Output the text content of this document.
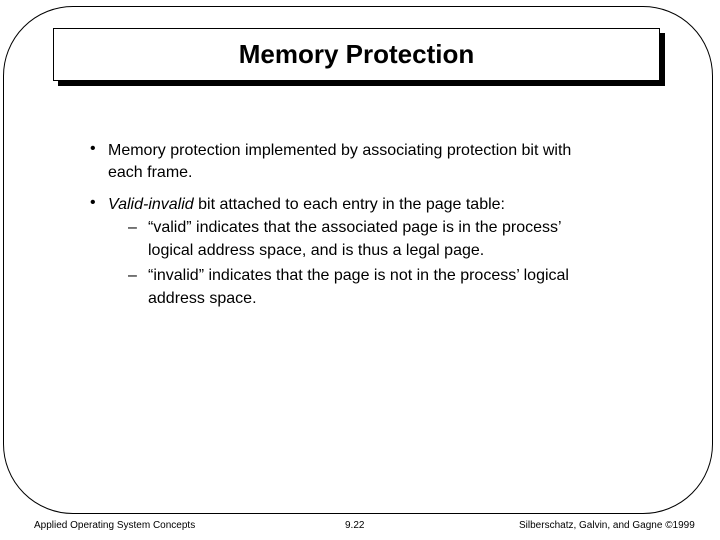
Memory Protection
• Memory protection implemented by associating protection bit with
each frame.
• Valid-invalid bit attached to each entry in the page table:
– “valid” indicates that the associated page is in the process’
logical address space, and is thus a legal page.
– “invalid” indicates that the page is not in the process’ logical
address space.
Applied Operating System Concepts	9.22	Silberschatz, Galvin, and Gagne ©1999
